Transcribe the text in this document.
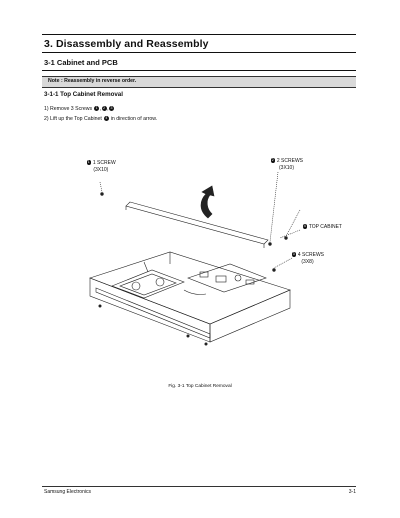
3. Disassembly and Reassembly
3-1 Cabinet and PCB
Note : Reassembly in reverse order.
3-1-1 Top Cabinet Removal
1) Remove 3 Screws 1 , 2 , 3
2) Lift up the Top Cabinet 4 in direction of arrow.
1 1 SCREW
(3X10)
2 2 SCREWS
(3X10)
4 TOP CABINET
3 4 SCREWS
(3X8)
Fig. 3-1 Top Cabinet Removal
Samsung Electronics	3-1
